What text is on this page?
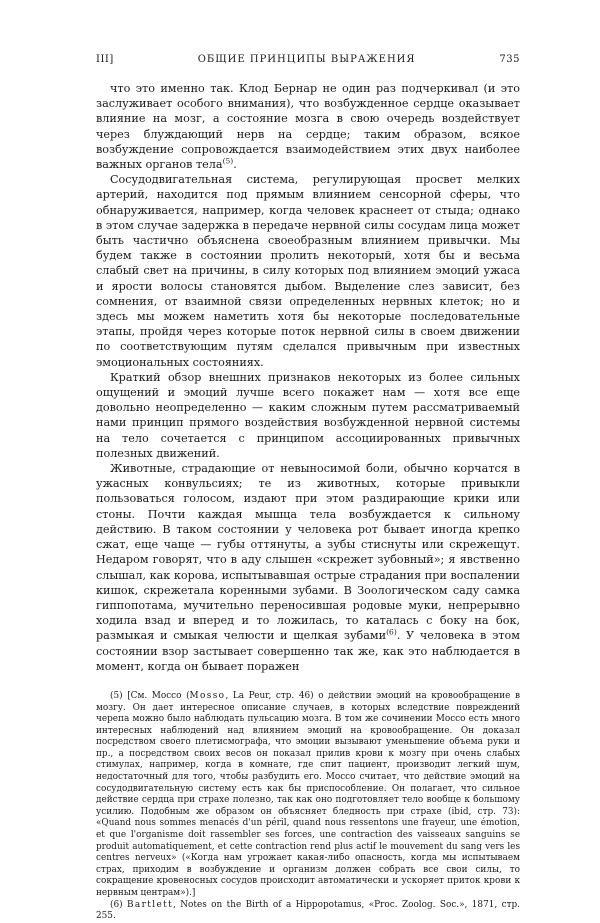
III]	ОБЩИЕ ПРИНЦИПЫ ВЫРАЖЕНИЯ	735

что это именно так. Клод Бернар не один раз подчеркивал (и это заслуживает особого внимания), что возбужденное сердце оказывает влияние на мозг, а состояние мозга в свою очередь воздействует через блуждающий нерв на сердце; таким образом, всякое возбуждение сопровождается взаимодействием этих двух наиболее важных органов тела$^{(5)}$.

Сосудодвигательная система, регулирующая просвет мелких артерий, находится под прямым влиянием сенсорной сферы, что обнаруживается, например, когда человек краснеет от стыда; однако в этом случае задержка в передаче нервной силы сосудам лица может быть частично объяснена своеобразным влиянием привычки. Мы будем также в состоянии пролить некоторый, хотя бы и весьма слабый свет на причины, в силу которых под влиянием эмоций ужаса и ярости волосы становятся дыбом. Выделение слез зависит, без сомнения, от взаимной связи определенных нервных клеток; но и здесь мы можем наметить хотя бы некоторые последовательные этапы, пройдя через которые поток нервной силы в своем движении по соответствующим путям сделался привычным при известных эмоциональных состояниях.

Краткий обзор внешних признаков некоторых из более сильных ощущений и эмоций лучше всего покажет нам — хотя все еще довольно неопределенно — каким сложным путем рассматриваемый нами принцип прямого воздействия возбужденной нервной системы на тело сочетается с принципом ассоциированных привычных полезных движений.

Животные, страдающие от невыносимой боли, обычно корчатся в ужасных конвульсиях; те из животных, которые привыкли пользоваться голосом, издают при этом раздирающие крики или стоны. Почти каждая мышца тела возбуждается к сильному действию. В таком состоянии у человека рот бывает иногда крепко сжат, еще чаще — губы оттянуты, а зубы стиснуты или скрежещут. Недаром говорят, что в аду слышен «скрежет зубовный»; я явственно слышал, как корова, испытывавшая острые страдания при воспалении кишок, скрежетала коренными зубами. В Зоологическом саду самка гиппопотама, мучительно переносившая родовые муки, непрерывно ходила взад и вперед и то ложилась, то каталась с боку на бок, размыкая и смыкая челюсти и щелкая зубами$^{(6)}$. У человека в этом состоянии взор застывает совершенно так же, как это наблюдается в момент, когда он бывает поражен

(5) [См. Моссо (Mosso, La Peur, стр. 46) о действии эмоций на кровообращение в мозгу. Он дает интересное описание случаев, в которых вследствие повреждений черепа можно было наблюдать пульсацию мозга. В том же сочинении Моссо есть много интересных наблюдений над влиянием эмоций на кровообращение. Он доказал посредством своего плетисмографа, что эмоции вызывают уменьшение объема руки и пр., а посредством своих весов он показал прилив крови к мозгу при очень слабых стимулах, например, когда в комнате, где спит пациент, производит легкий шум, недостаточный для того, чтобы разбудить его. Моссо считает, что действие эмоций на сосудодвигательную систему есть как бы приспособление. Он полагает, что сильное действие сердца при страхе полезно, так как оно подготовляет тело вообще к большому усилию. Подобным же образом он объясняет бледность при страхе (ibid, стр. 73): «Quand nous sommes menacés d'un péril, quand nous ressentons une frayeur, une émotion, et que l'organisme doit rassembler ses forces, une contraction des vaisseaux sanguins se produit automatiquement, et cette contraction rend plus actif le mouvement du sang vers les centres nerveux» («Когда нам угрожает какая-либо опасность, когда мы испытываем страх, приходим в возбуждение и организм должен собрать все свои силы, то сокращение кровеносных сосудов происходит автоматически и ускоряет приток крови к нервным центрам»).]

(6) Bartlett, Notes on the Birth of a Hippopotamus, «Proc. Zoolog. Soc.», 1871, стр. 255.
